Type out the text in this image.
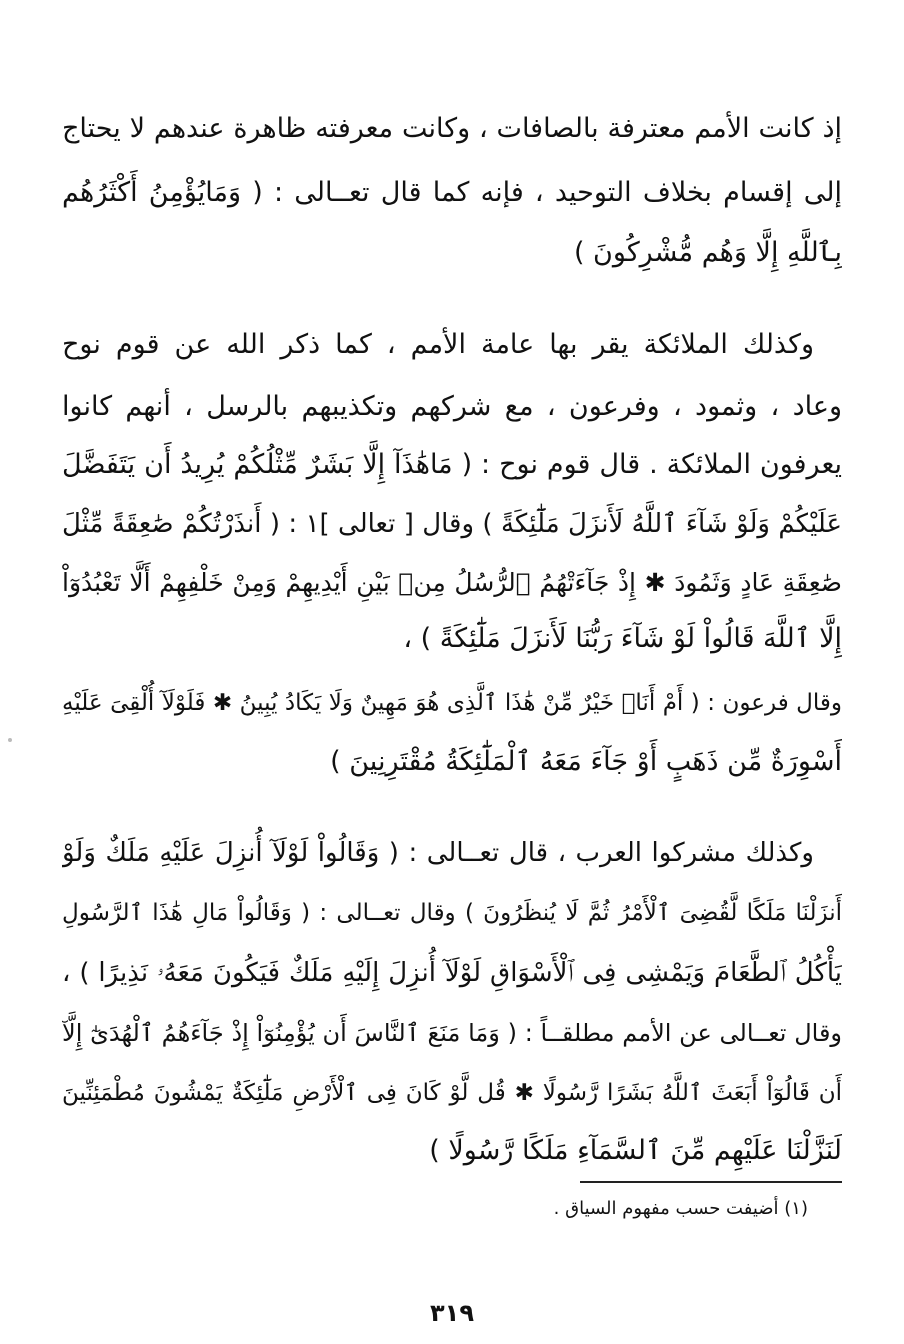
إذ كانت الأمم معترفة بالصافات ، وكانت معرفته ظاهرة عندهم لا يحتاج
إلى إقسام بخلاف التوحيد ، فإنه كما قال تعــالى : ( وَمَايُؤْمِنُ أَكْثَرُهُم
بِٱللَّهِ إِلَّا وَهُم مُّشْرِكُونَ )
وكذلك الملائكة يقر بها عامة الأمم ، كما ذكر الله عن قوم نوح
وعاد ، وثمود ، وفرعون ، مع شركهم وتكذيبهم بالرسل ، أنهم كانوا
يعرفون الملائكة . قال قوم نوح : ( مَاهَٰذَآ إِلَّا بَشَرٌ مِّثْلُكُمْ يُرِيدُ أَن يَتَفَضَّلَ
عَلَيْكُمْ وَلَوْ شَآءَ ٱللَّهُ لَأَنزَلَ مَلَٰٓئِكَةً ) وقال [ تعالى ]١ : ( أَنذَرْتُكُمْ صَٰعِقَةً مِّثْلَ
صَٰعِقَةِ عَادٍ وَثَمُودَ ✱ إِذْ جَآءَتْهُمُ ٱلرُّسُلُ مِنۢ بَيْنِ أَيْدِيهِمْ وَمِنْ خَلْفِهِمْ أَلَّا تَعْبُدُوٓاْ
إِلَّا ٱللَّهَ قَالُواْ لَوْ شَآءَ رَبُّنَا لَأَنزَلَ مَلَٰٓئِكَةً ) ،
وقال فرعون : ( أَمْ أَنَا۠ خَيْرٌ مِّنْ هَٰذَا ٱلَّذِى هُوَ مَهِينٌ وَلَا يَكَادُ يُبِينُ ✱ فَلَوْلَآ أُلْقِىَ عَلَيْهِ
أَسْوِرَةٌ مِّن ذَهَبٍ أَوْ جَآءَ مَعَهُ ٱلْمَلَٰٓئِكَةُ مُقْتَرِنِينَ )
وكذلك مشركوا العرب ، قال تعــالى : ( وَقَالُواْ لَوْلَآ أُنزِلَ عَلَيْهِ مَلَكٌ وَلَوْ
أَنزَلْنَا مَلَكًا لَّقُضِىَ ٱلْأَمْرُ ثُمَّ لَا يُنظَرُونَ ) وقال تعــالى : ( وَقَالُواْ مَالِ هَٰذَا ٱلرَّسُولِ
يَأْكُلُ ٱلطَّعَامَ وَيَمْشِى فِى ٱلْأَسْوَاقِ لَوْلَآ أُنزِلَ إِلَيْهِ مَلَكٌ فَيَكُونَ مَعَهُۥ نَذِيرًا ) ،
وقال تعــالى عن الأمم مطلقــاً : ( وَمَا مَنَعَ ٱلنَّاسَ أَن يُؤْمِنُوٓاْ إِذْ جَآءَهُمُ ٱلْهُدَىٰٓ إِلَّآ
أَن قَالُوٓاْ أَبَعَثَ ٱللَّهُ بَشَرًا رَّسُولًا ✱ قُل لَّوْ كَانَ فِى ٱلْأَرْضِ مَلَٰٓئِكَةٌ يَمْشُونَ مُطْمَئِنِّينَ
لَنَزَّلْنَا عَلَيْهِم مِّنَ ٱلسَّمَآءِ مَلَكًا رَّسُولًا )
(١) أضيفت حسب مفهوم السياق .
٣١٩
